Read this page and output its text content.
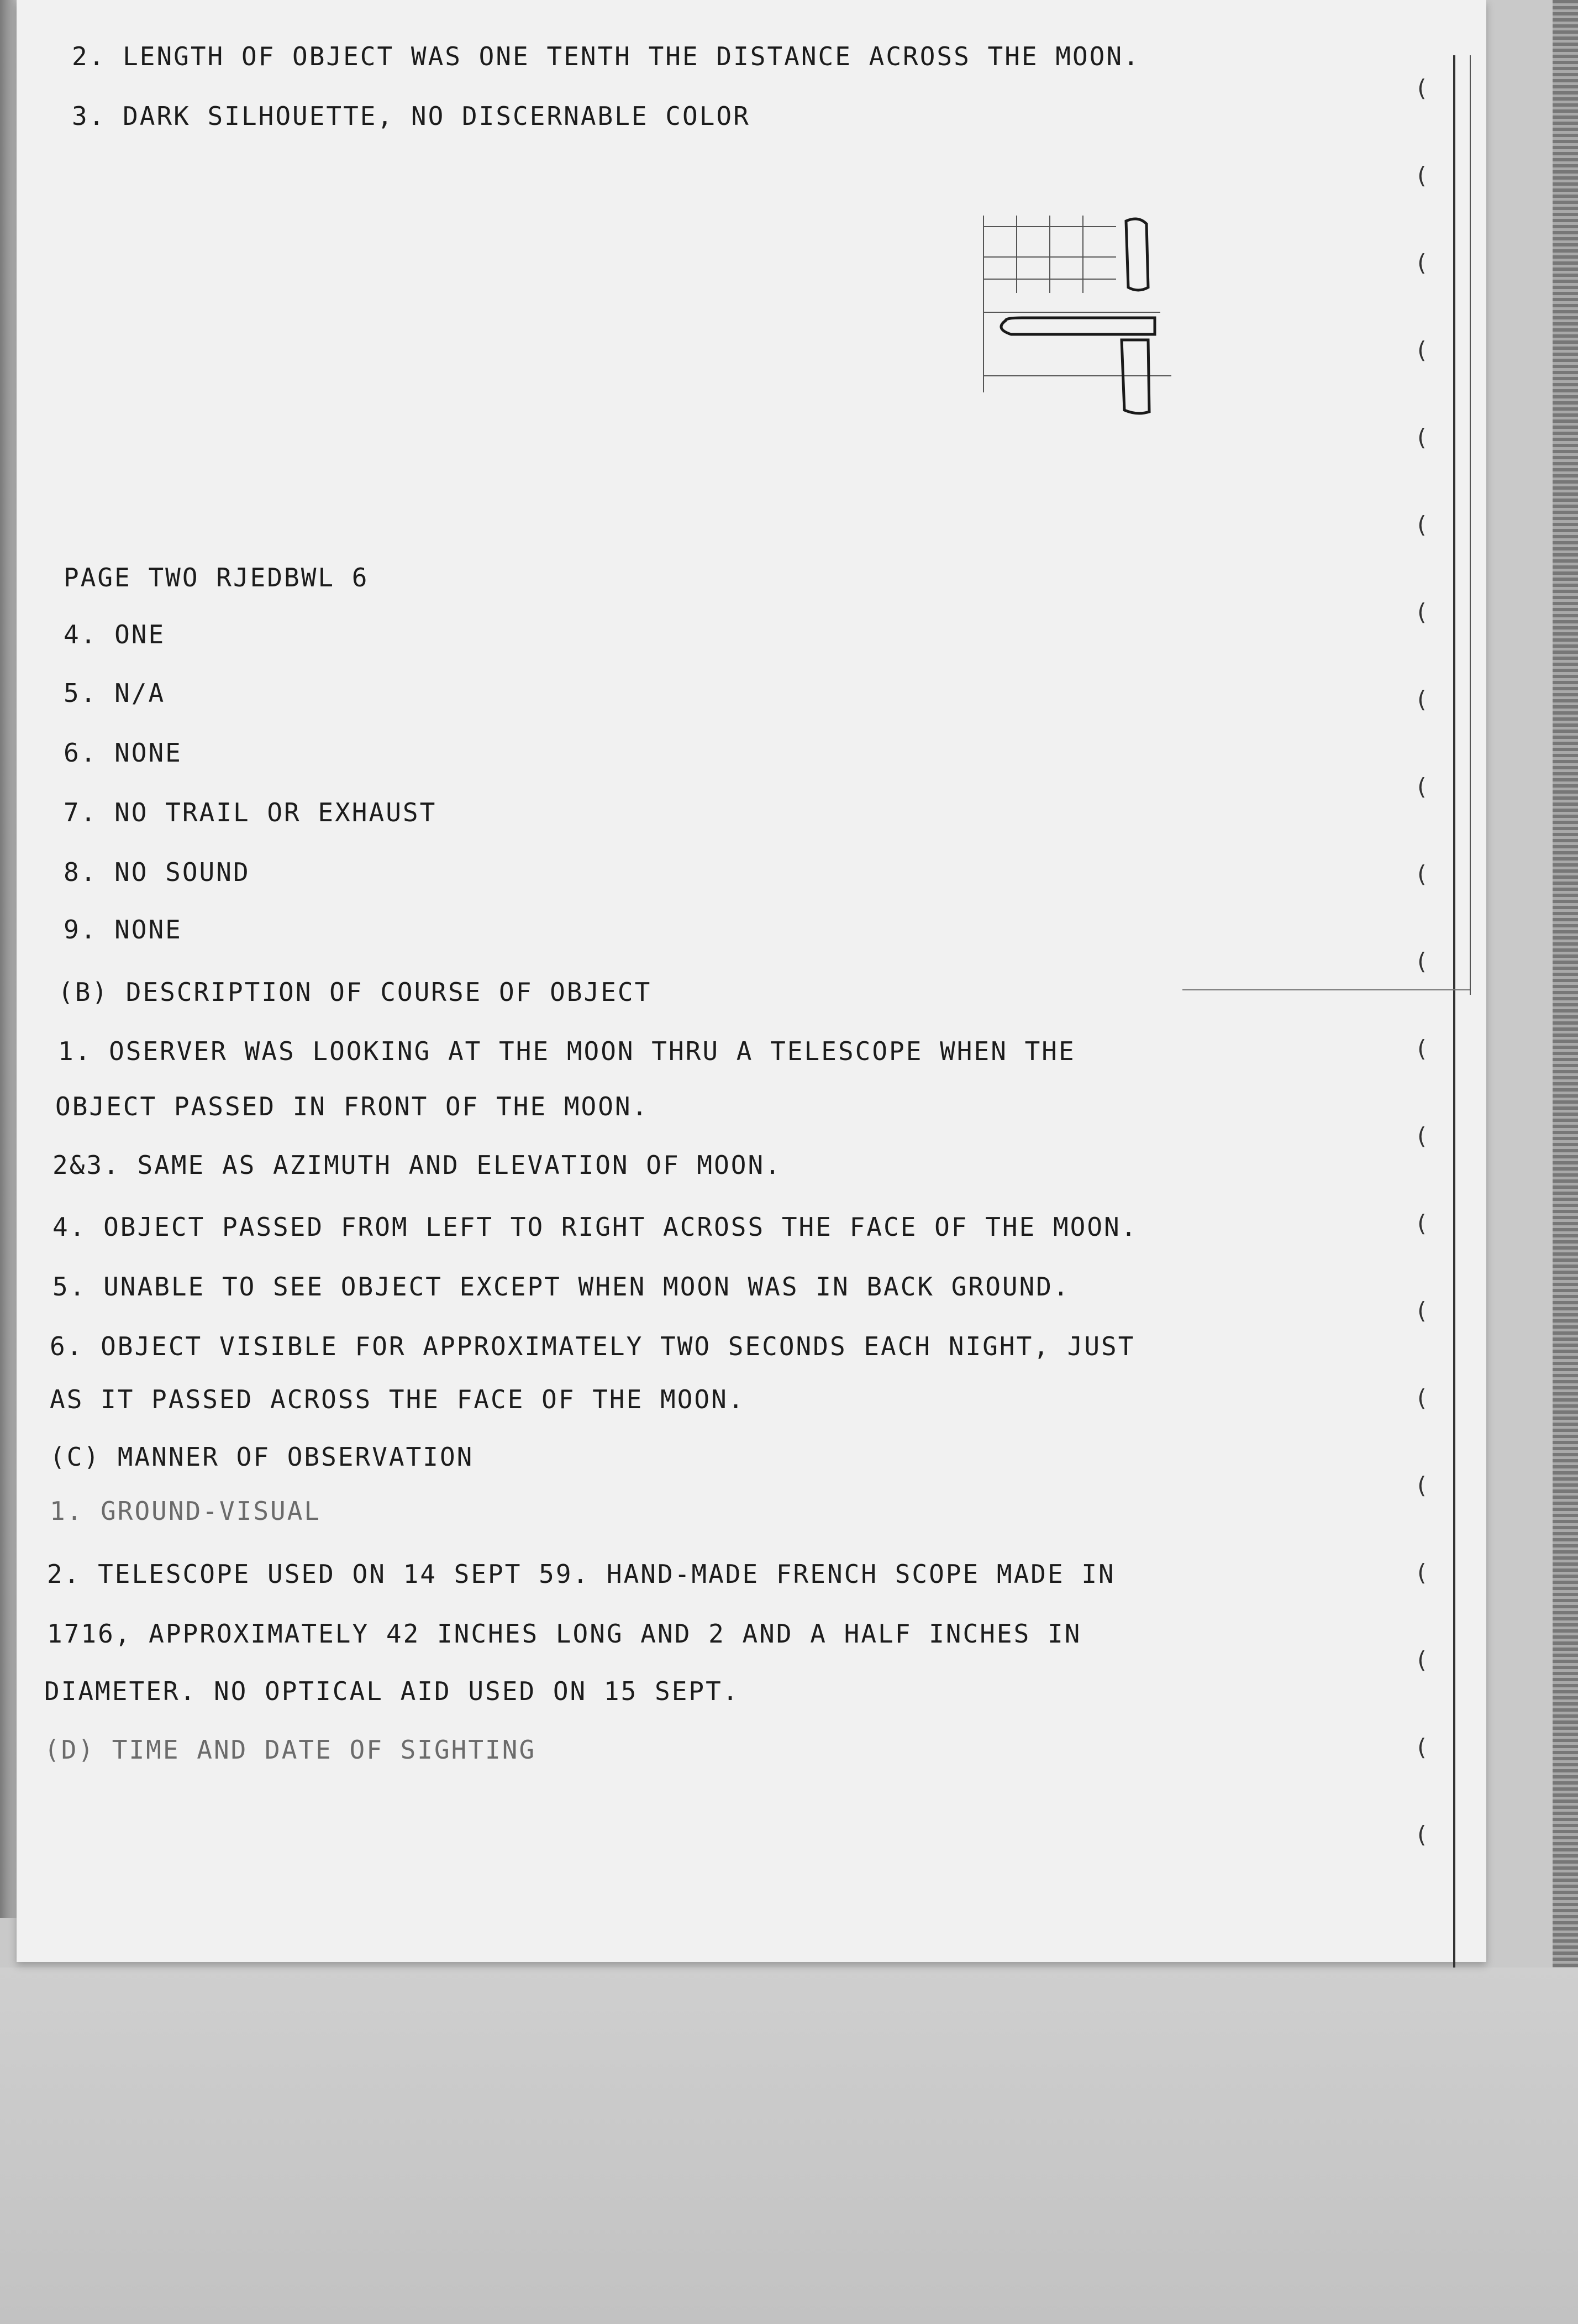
2. LENGTH OF OBJECT WAS ONE TENTH THE DISTANCE ACROSS THE MOON.
3. DARK SILHOUETTE, NO DISCERNABLE COLOR
PAGE TWO RJEDBWL 6
4. ONE
5. N/A
6. NONE
7. NO TRAIL OR EXHAUST
8. NO SOUND
9. NONE
(B) DESCRIPTION OF COURSE OF OBJECT
1. OSERVER WAS LOOKING AT THE MOON THRU A TELESCOPE WHEN THE
OBJECT PASSED IN FRONT OF THE MOON.
2&3. SAME AS AZIMUTH AND ELEVATION OF MOON.
4. OBJECT PASSED FROM LEFT TO RIGHT ACROSS THE FACE OF THE MOON.
5. UNABLE TO SEE OBJECT EXCEPT WHEN MOON WAS IN BACK GROUND.
6. OBJECT VISIBLE FOR APPROXIMATELY TWO SECONDS EACH NIGHT, JUST
AS IT PASSED ACROSS THE FACE OF THE MOON.
(C) MANNER OF OBSERVATION
1. GROUND-VISUAL
2. TELESCOPE USED ON 14 SEPT 59. HAND-MADE FRENCH SCOPE MADE IN
1716, APPROXIMATELY 42 INCHES LONG AND 2 AND A HALF INCHES IN
DIAMETER. NO OPTICAL AID USED ON 15 SEPT.
(D) TIME AND DATE OF SIGHTING
(
(
(
(
(
(
(
(
(
(
(
(
(
(
(
(
(
(
(
(
(
